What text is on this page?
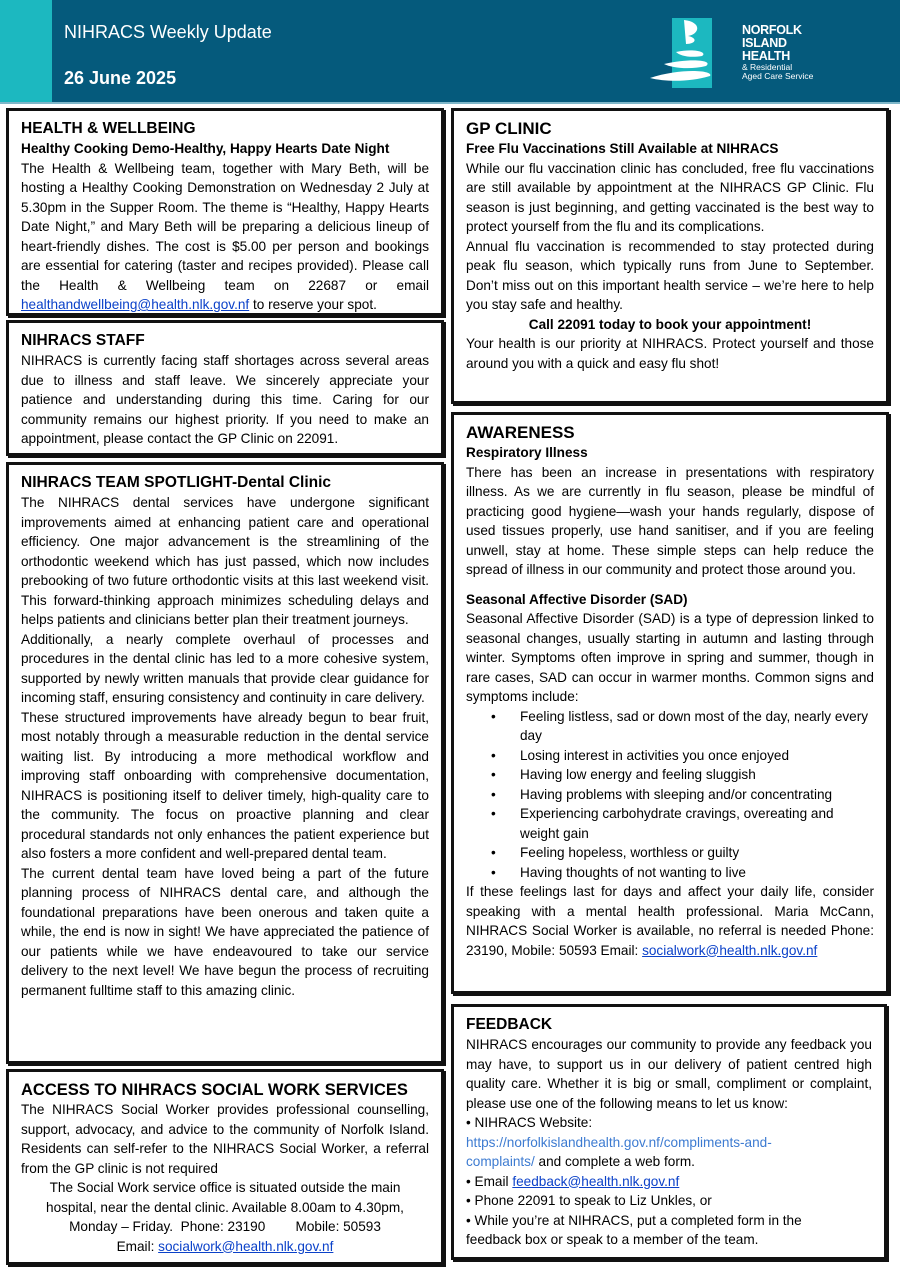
NIHRACS Weekly Update
26 June 2025
NORFOLK
ISLAND
HEALTH
& Residential
Aged Care Service
HEALTH & WELLBEING
Healthy Cooking Demo-Healthy, Happy Hearts Date Night

The Health & Wellbeing team, together with Mary Beth, will be hosting a Healthy Cooking Demonstration on Wednesday 2 July at 5.30pm in the Supper Room. The theme is “Healthy, Happy Hearts Date Night,” and Mary Beth will be preparing a delicious lineup of heart-friendly dishes. The cost is $5.00 per person and bookings are essential for catering (taster and recipes provided). Please call the Health & Wellbeing team on 22687 or email healthandwellbeing@health.nlk.gov.nf to reserve your spot.

NIHRACS STAFF

NIHRACS is currently facing staff shortages across several areas due to illness and staff leave. We sincerely appreciate your patience and understanding during this time. Caring for our community remains our highest priority. If you need to make an appointment, please contact the GP Clinic on 22091.

NIHRACS TEAM SPOTLIGHT-Dental Clinic

The NIHRACS dental services have undergone significant improvements aimed at enhancing patient care and operational efficiency. One major advancement is the streamlining of the orthodontic weekend which has just passed, which now includes prebooking of two future orthodontic visits at this last weekend visit. This forward-thinking approach minimizes scheduling delays and helps patients and clinicians better plan their treatment journeys.

Additionally, a nearly complete overhaul of processes and procedures in the dental clinic has led to a more cohesive system, supported by newly written manuals that provide clear guidance for incoming staff, ensuring consistency and continuity in care delivery.

These structured improvements have already begun to bear fruit, most notably through a measurable reduction in the dental service waiting list. By introducing a more methodical workflow and improving staff onboarding with comprehensive documentation, NIHRACS is positioning itself to deliver timely, high-quality care to the community. The focus on proactive planning and clear procedural standards not only enhances the patient experience but also fosters a more confident and well-prepared dental team.

The current dental team have loved being a part of the future planning process of NIHRACS dental care, and although the foundational preparations have been onerous and taken quite a while, the end is now in sight! We have appreciated the patience of our patients while we have endeavoured to take our service delivery to the next level! We have begun the process of recruiting permanent fulltime staff to this amazing clinic.

ACCESS TO NIHRACS SOCIAL WORK SERVICES

The NIHRACS Social Worker provides professional counselling, support, advocacy, and advice to the community of Norfolk Island. Residents can self-refer to the NIHRACS Social Worker, a referral from the GP clinic is not required

The Social Work service office is situated outside the main
hospital, near the dental clinic. Available 8.00am to 4.30pm,
Monday – Friday.  Phone: 23190        Mobile: 50593
Email: socialwork@health.nlk.gov.nf
GP CLINIC
Free Flu Vaccinations Still Available at NIHRACS

While our flu vaccination clinic has concluded, free flu vaccinations are still available by appointment at the NIHRACS GP Clinic. Flu season is just beginning, and getting vaccinated is the best way to protect yourself from the flu and its complications.

Annual flu vaccination is recommended to stay protected during peak flu season, which typically runs from June to September. Don’t miss out on this important health service – we’re here to help you stay safe and healthy.

Call 22091 today to book your appointment!

Your health is our priority at NIHRACS. Protect yourself and those around you with a quick and easy flu shot!

AWARENESS
Respiratory Illness

There has been an increase in presentations with respiratory illness. As we are currently in flu season, please be mindful of practicing good hygiene—wash your hands regularly, dispose of used tissues properly, use hand sanitiser, and if you are feeling unwell, stay at home. These simple steps can help reduce the spread of illness in our community and protect those around you.

Seasonal Affective Disorder (SAD)

Seasonal Affective Disorder (SAD) is a type of depression linked to seasonal changes, usually starting in autumn and lasting through winter. Symptoms often improve in spring and summer, though in rare cases, SAD can occur in warmer months. Common signs and symptoms include:

• Feeling listless, sad or down most of the day, nearly every day
• Losing interest in activities you once enjoyed
• Having low energy and feeling sluggish
• Having problems with sleeping and/or concentrating
• Experiencing carbohydrate cravings, overeating and weight gain
• Feeling hopeless, worthless or guilty
• Having thoughts of not wanting to live

If these feelings last for days and affect your daily life, consider speaking with a mental health professional. Maria McCann, NIHRACS Social Worker is available, no referral is needed Phone: 23190, Mobile: 50593 Email: socialwork@health.nlk.gov.nf

FEEDBACK

NIHRACS encourages our community to provide any feedback you may have, to support us in our delivery of patient centred high quality care. Whether it is big or small, compliment or complaint, please use one of the following means to let us know:

• NIHRACS Website:
https://norfolkislandhealth.gov.nf/compliments-and-
complaints/ and complete a web form.
• Email feedback@health.nlk.gov.nf
• Phone 22091 to speak to Liz Unkles, or
• While you’re at NIHRACS, put a completed form in the
feedback box or speak to a member of the team.
